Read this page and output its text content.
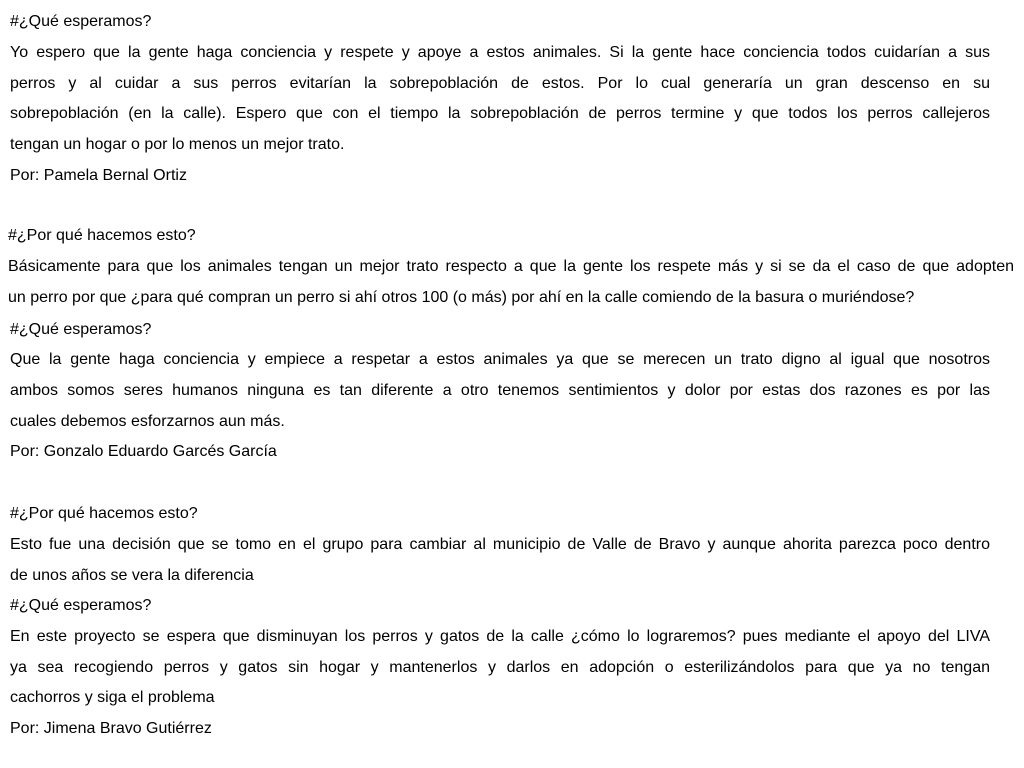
#¿Qué esperamos?
Yo espero que la gente haga conciencia y respete y apoye a estos animales. Si la gente hace conciencia todos cuidarían a sus
perros y al cuidar a sus perros evitarían la sobrepoblación de estos. Por lo cual generaría un gran descenso en su
sobrepoblación (en la calle). Espero que con el tiempo la sobrepoblación de perros termine y que todos los perros callejeros
tengan un hogar o por lo menos un mejor trato.
Por: Pamela Bernal Ortiz
#¿Por qué hacemos esto?
Básicamente para que los animales tengan un mejor trato respecto a que la gente los respete más y si se da el caso de que adopten
un perro por que ¿para qué compran un perro si ahí otros 100 (o más) por ahí en la calle comiendo de la basura o muriéndose?
#¿Qué esperamos?
Que la gente haga conciencia y empiece a respetar a estos animales ya que se merecen un trato digno al igual que nosotros
ambos somos seres humanos ninguna es tan diferente a otro tenemos sentimientos y dolor por estas dos razones es por las
cuales debemos esforzarnos aun más.
Por: Gonzalo Eduardo Garcés García
#¿Por qué hacemos esto?
Esto fue una decisión que se tomo en el grupo para cambiar al municipio de Valle de Bravo y aunque ahorita parezca poco dentro
de unos años se vera la diferencia
#¿Qué esperamos?
En este proyecto se espera que disminuyan los perros y gatos de la calle ¿cómo lo lograremos? pues mediante el apoyo del LIVA
ya sea recogiendo perros y gatos sin hogar y mantenerlos y darlos en adopción o esterilizándolos para que ya no tengan
cachorros y siga el problema
Por: Jimena Bravo Gutiérrez
